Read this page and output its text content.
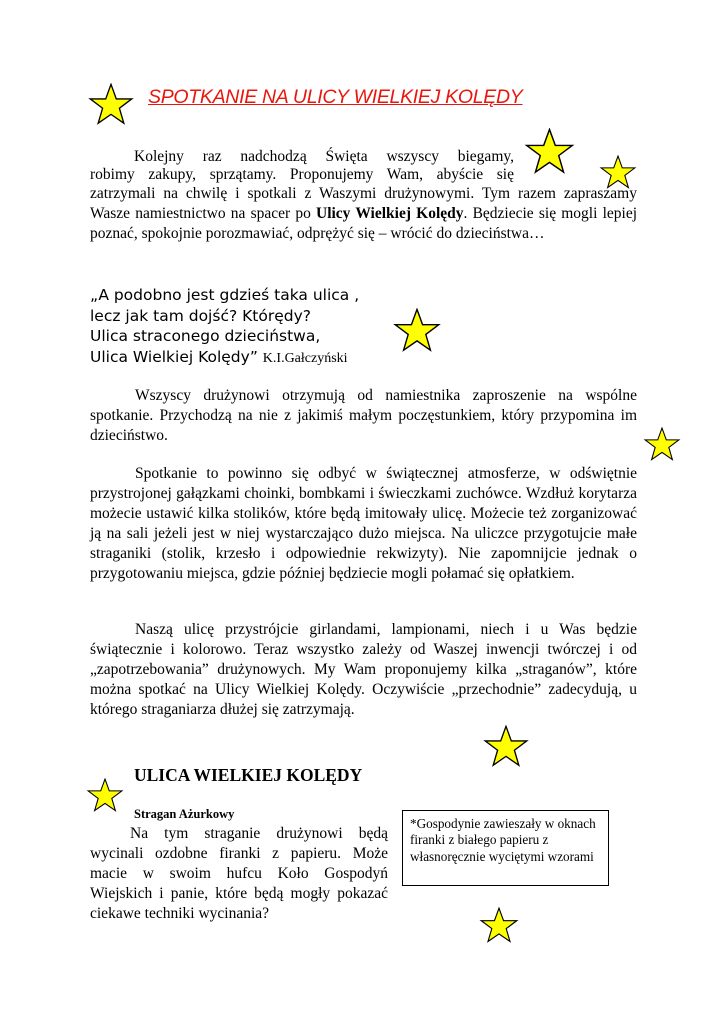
SPOTKANIE NA ULICY WIELKIEJ KOLĘDY
Kolejny raz nadchodzą Święta wszyscy biegamy,
robimy zakupy, sprzątamy. Proponujemy Wam, abyście się
zatrzymali na chwilę i spotkali z Waszymi drużynowymi. Tym razem zapraszamy Wasze namiestnictwo na spacer po Ulicy Wielkiej Kolędy. Będziecie się mogli lepiej poznać, spokojnie porozmawiać, odprężyć się – wrócić do dzieciństwa…
„A podobno jest gdzieś taka ulica ,
lecz jak tam dojść? Którędy?
Ulica straconego dzieciństwa,
Ulica Wielkiej Kolędy” K.I.Gałczyński
Wszyscy drużynowi otrzymują od namiestnika zaproszenie na wspólne spotkanie. Przychodzą na nie z jakimiś małym poczęstunkiem, który przypomina im dzieciństwo.
Spotkanie to powinno się odbyć w świątecznej atmosferze, w odświętnie przystrojonej gałązkami choinki, bombkami i świeczkami zuchówce. Wzdłuż korytarza możecie ustawić kilka stolików, które będą imitowały ulicę. Możecie też zorganizować ją na sali jeżeli jest w niej wystarczająco dużo miejsca. Na uliczce przygotujcie małe straganiki (stolik, krzesło i odpowiednie rekwizyty). Nie zapomnijcie jednak o przygotowaniu miejsca, gdzie później będziecie mogli połamać się opłatkiem.
Naszą ulicę przystrójcie girlandami, lampionami, niech i u Was będzie świątecznie i kolorowo. Teraz wszystko zależy od Waszej inwencji twórczej i od „zapotrzebowania” drużynowych. My Wam proponujemy kilka „straganów”, które można spotkać na Ulicy Wielkiej Kolędy. Oczywiście „przechodnie” zadecydują, u którego straganiarza dłużej się zatrzymają.
ULICA WIELKIEJ KOLĘDY
Stragan Ażurkowy
Na tym straganie drużynowi będą wycinali ozdobne firanki z papieru. Może macie w swoim hufcu Koło Gospodyń Wiejskich i panie, które będą mogły pokazać ciekawe techniki wycinania?
*Gospodynie zawieszały w oknach firanki z białego papieru z własnoręcznie wyciętymi wzorami
